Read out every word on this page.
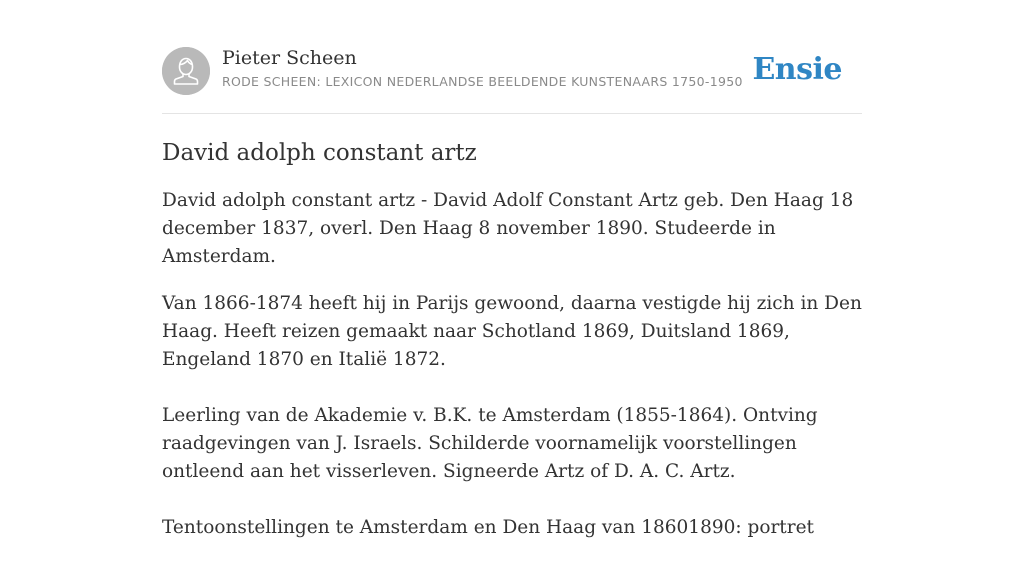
Pieter Scheen
RODE SCHEEN: LEXICON NEDERLANDSE BEELDENDE KUNSTENAARS 1750-1950 Ensie
David adolph constant artz

David adolph constant artz - David Adolf Constant Artz geb. Den Haag 18 december 1837, overl. Den Haag 8 november 1890. Studeerde in Amsterdam.

Van 1866-1874 heeft hij in Parijs gewoond, daarna vestigde hij zich in Den Haag. Heeft reizen gemaakt naar Schotland 1869, Duitsland 1869, Engeland 1870 en Italië 1872.

Leerling van de Akademie v. B.K. te Amsterdam (1855-1864). Ontving raadgevingen van J. Israels. Schilderde voornamelijk voorstellingen ontleend aan het visserleven. Signeerde Artz of D. A. C. Artz.

Tentoonstellingen te Amsterdam en Den Haag van 18601890: portret
